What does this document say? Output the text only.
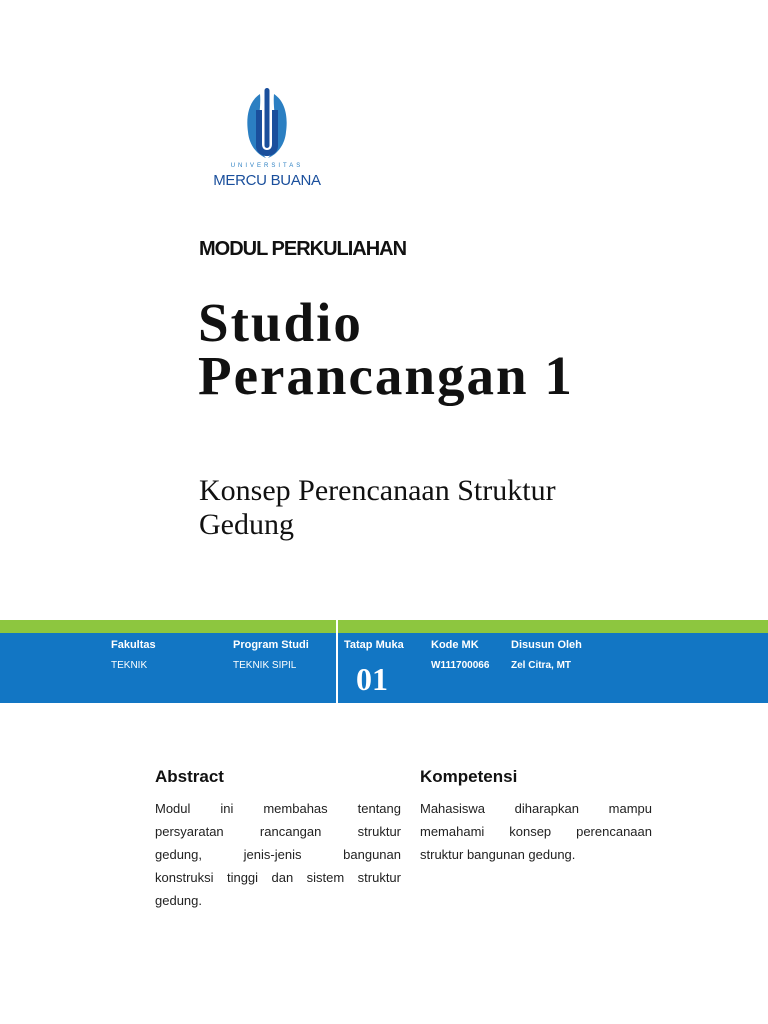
UNIVERSITAS
MERCU BUANA
MODUL PERKULIAHAN
Studio
Perancangan 1
Konsep Perencanaan Struktur
Gedung
Fakultas
TEKNIK
Program Studi
TEKNIK SIPIL
Tatap Muka
01
Kode MK
W111700066
Disusun Oleh
Zel Citra, MT
Abstract
Modul ini membahas tentang
persyaratan rancangan struktur
gedung, jenis-jenis bangunan
konstruksi tinggi dan sistem struktur
gedung.
Kompetensi
Mahasiswa diharapkan mampu
memahami konsep perencanaan
struktur bangunan gedung.
